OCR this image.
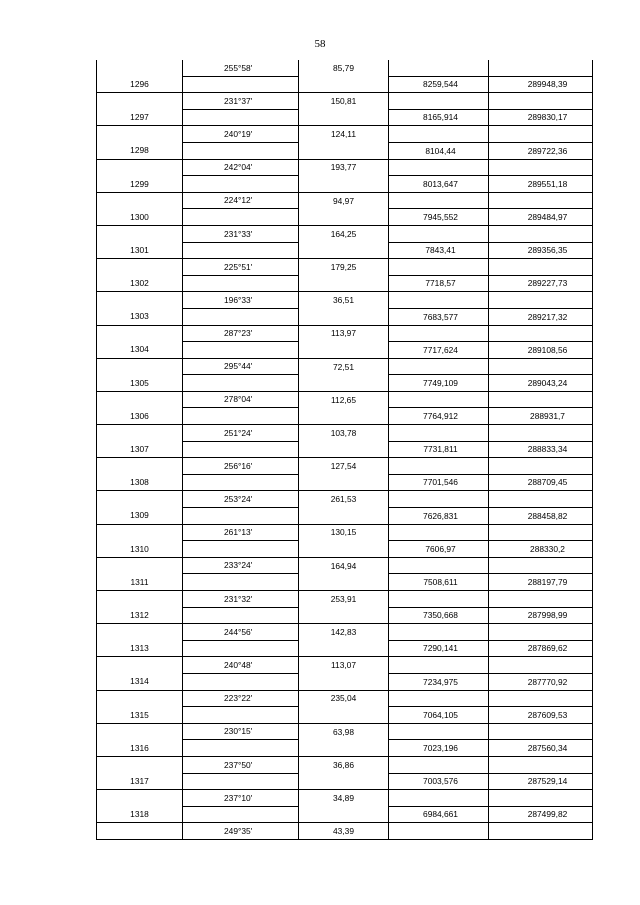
58
	255°58'	85,79		
1296			8259,544	289948,39
	231°37'	150,81		
1297			8165,914	289830,17
	240°19'	124,11		
1298			8104,44	289722,36
	242°04'	193,77		
1299			8013,647	289551,18
	224°12'	94,97		
1300			7945,552	289484,97
	231°33'	164,25		
1301			7843,41	289356,35
	225°51'	179,25		
1302			7718,57	289227,73
	196°33'	36,51		
1303			7683,577	289217,32
	287°23'	113,97		
1304			7717,624	289108,56
	295°44'	72,51		
1305			7749,109	289043,24
	278°04'	112,65		
1306			7764,912	288931,7
	251°24'	103,78		
1307			7731,811	288833,34
	256°16'	127,54		
1308			7701,546	288709,45
	253°24'	261,53		
1309			7626,831	288458,82
	261°13'	130,15		
1310			7606,97	288330,2
	233°24'	164,94		
1311			7508,611	288197,79
	231°32'	253,91		
1312			7350,668	287998,99
	244°56'	142,83		
1313			7290,141	287869,62
	240°48'	113,07		
1314			7234,975	287770,92
	223°22'	235,04		
1315			7064,105	287609,53
	230°15'	63,98		
1316			7023,196	287560,34
	237°50'	36,86		
1317			7003,576	287529,14
	237°10'	34,89		
1318			6984,661	287499,82
	249°35'	43,39		
